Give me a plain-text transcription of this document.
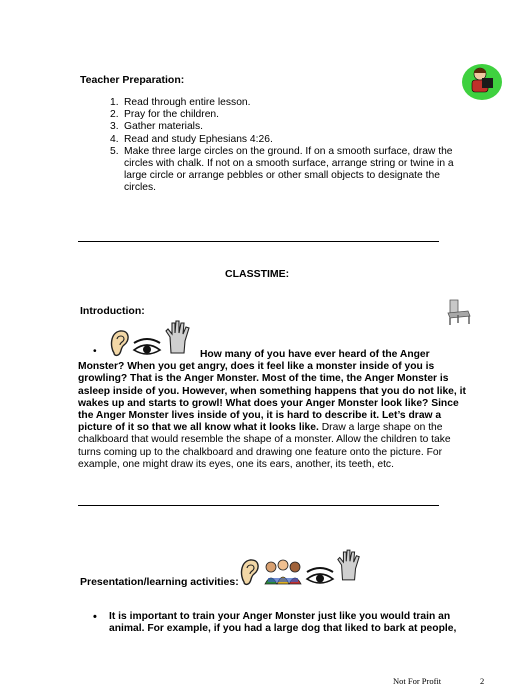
Teacher Preparation:
1. Read through entire lesson.
2. Pray for the children.
3. Gather materials.
4. Read and study Ephesians 4:26.
5. Make three large circles on the ground. If on a smooth surface, draw the circles with chalk. If not on a smooth surface, arrange string or twine in a large circle or arrange pebbles or other small objects to designate the circles.
CLASSTIME:
Introduction:
•	How many of you have ever heard of the Anger Monster? When you get angry, does it feel like a monster inside of you is growling? That is the Anger Monster. Most of the time, the Anger Monster is asleep inside of you. However, when something happens that you do not like, it wakes up and starts to growl! What does your Anger Monster look like? Since the Anger Monster lives inside of you, it is hard to describe it. Let’s draw a picture of it so that we all know what it looks like. Draw a large shape on the chalkboard that would resemble the shape of a monster. Allow the children to take turns coming up to the chalkboard and drawing one feature onto the picture. For example, one might draw its eyes, one its ears, another, its teeth, etc.
Presentation/learning activities:
• It is important to train your Anger Monster just like you would train an animal. For example, if you had a large dog that liked to bark at people,
Not For Profit	2
